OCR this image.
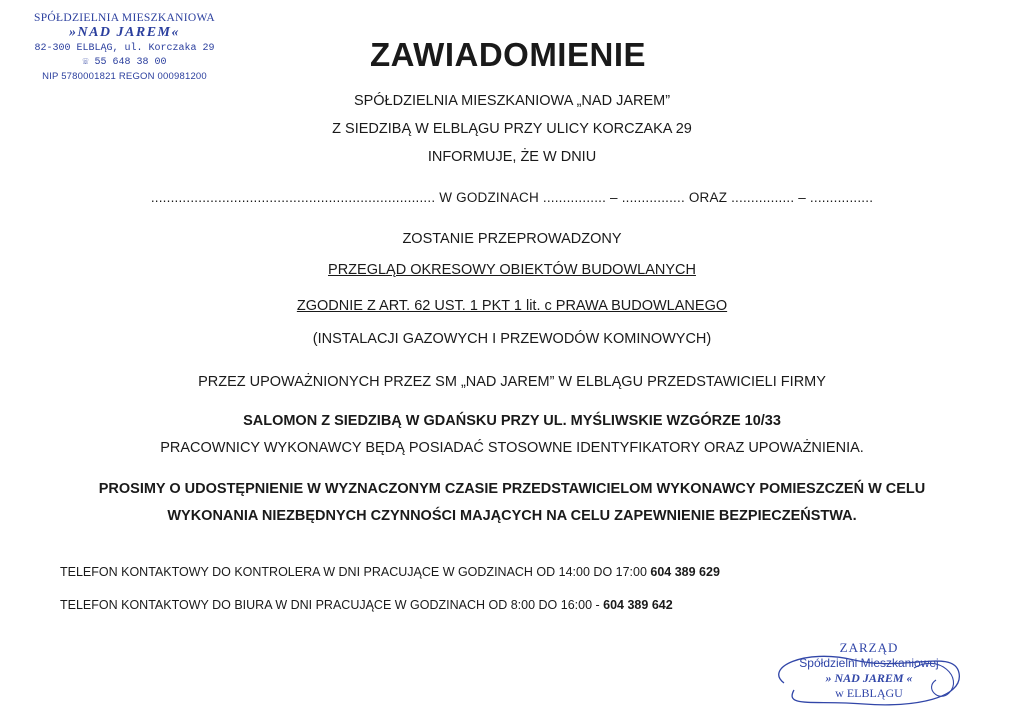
SPÓŁDZIELNIA MIESZKANIOWA
»NAD JAREM«
82-300 ELBLĄG, ul. Korczaka 29
☏ 55 648 38 00
NIP 5780001821 REGON 000981200
ZAWIADOMIENIE
SPÓŁDZIELNIA MIESZKANIOWA „NAD JAREM”
Z SIEDZIBĄ W ELBLĄGU PRZY ULICY KORCZAKA 29
INFORMUJE, ŻE W DNIU
........................................................................ W GODZINACH ................ – ................ ORAZ ................ – ................
ZOSTANIE PRZEPROWADZONY
PRZEGLĄD OKRESOWY OBIEKTÓW BUDOWLANYCH
ZGODNIE Z ART. 62 UST. 1 PKT 1 lit. c PRAWA BUDOWLANEGO
(INSTALACJI GAZOWYCH I PRZEWODÓW KOMINOWYCH)
PRZEZ UPOWAŻNIONYCH PRZEZ SM „NAD JAREM” W ELBLĄGU PRZEDSTAWICIELI FIRMY
SALOMON Z SIEDZIBĄ W GDAŃSKU PRZY UL. MYŚLIWSKIE WZGÓRZE 10/33
PRACOWNICY WYKONAWCY BĘDĄ POSIADAĆ STOSOWNE IDENTYFIKATORY ORAZ UPOWAŻNIENIA.
PROSIMY O UDOSTĘPNIENIE W WYZNACZONYM CZASIE PRZEDSTAWICIELOM WYKONAWCY POMIESZCZEŃ W CELU
WYKONANIA NIEZBĘDNYCH CZYNNOŚCI MAJĄCYCH NA CELU ZAPEWNIENIE BEZPIECZEŃSTWA.
TELEFON KONTAKTOWY DO KONTROLERA W DNI PRACUJĄCE W GODZINACH OD 14:00 DO 17:00 604 389 629
TELEFON KONTAKTOWY DO BIURA W DNI PRACUJĄCE W GODZINACH OD 8:00 DO 16:00 - 604 389 642
ZARZĄD
Spółdzielni Mieszkaniowej
» NAD JAREM «
w ELBLĄGU
